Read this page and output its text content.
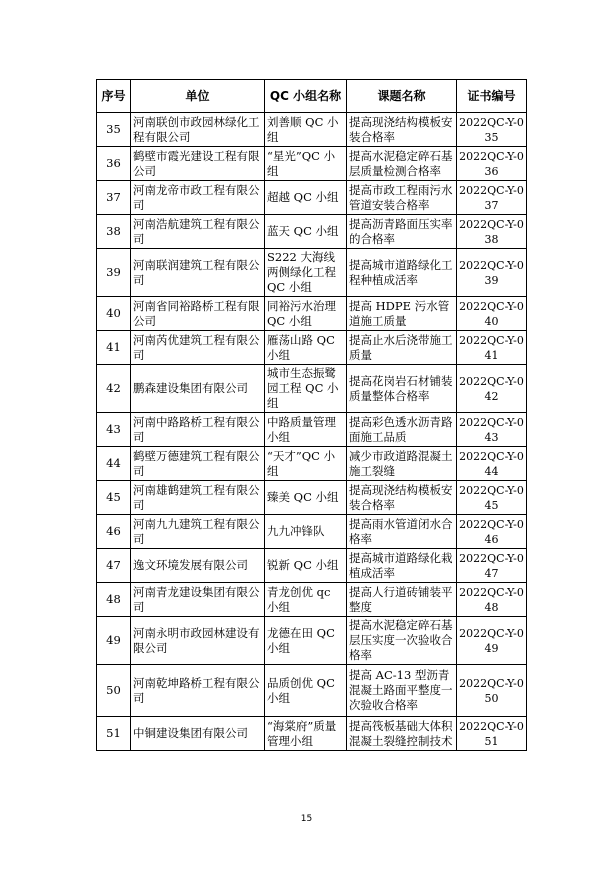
序号	单位	QC 小组名称	课题名称	证书编号
35	河南联创市政园林绿化工程有限公司	刘善顺 QC 小组	提高现浇结构模板安装合格率	2022QC-Y-035
36	鹤壁市霞光建设工程有限公司	“星光”QC 小组	提高水泥稳定碎石基层质量检测合格率	2022QC-Y-036
37	河南龙帝市政工程有限公司	超越 QC 小组	提高市政工程雨污水管道安装合格率	2022QC-Y-037
38	河南浩航建筑工程有限公司	蓝天 QC 小组	提高沥青路面压实率的合格率	2022QC-Y-038
39	河南联润建筑工程有限公司	S222 大海线两侧绿化工程 QC 小组	提高城市道路绿化工程种植成活率	2022QC-Y-039
40	河南省同裕路桥工程有限公司	同裕污水治理 QC 小组	提高 HDPE 污水管道施工质量	2022QC-Y-040
41	河南芮优建筑工程有限公司	雁荡山路 QC 小组	提高止水后浇带施工质量	2022QC-Y-041
42	鹏森建设集团有限公司	城市生态振鹭园工程 QC 小组	提高花岗岩石材铺装质量整体合格率	2022QC-Y-042
43	河南中路路桥工程有限公司	中路质量管理小组	提高彩色透水沥青路面施工品质	2022QC-Y-043
44	鹤壁万德建筑工程有限公司	“天才”QC 小组	减少市政道路混凝土施工裂缝	2022QC-Y-044
45	河南雄鹤建筑工程有限公司	臻美 QC 小组	提高现浇结构模板安装合格率	2022QC-Y-045
46	河南九九建筑工程有限公司	九九冲锋队	提高雨水管道闭水合格率	2022QC-Y-046
47	逸文环境发展有限公司	锐新 QC 小组	提高城市道路绿化栽植成活率	2022QC-Y-047
48	河南青龙建设集团有限公司	青龙创优 qc 小组	提高人行道砖铺装平整度	2022QC-Y-048
49	河南永明市政园林建设有限公司	龙德在田 QC 小组	提高水泥稳定碎石基层压实度一次验收合格率	2022QC-Y-049
50	河南乾坤路桥工程有限公司	品质创优 QC 小组	提高 AC-13 型沥青混凝土路面平整度一次验收合格率	2022QC-Y-050
51	中铜建设集团有限公司	“海棠府”质量管理小组	提高筏板基础大体积混凝土裂缝控制技术	2022QC-Y-051
15
